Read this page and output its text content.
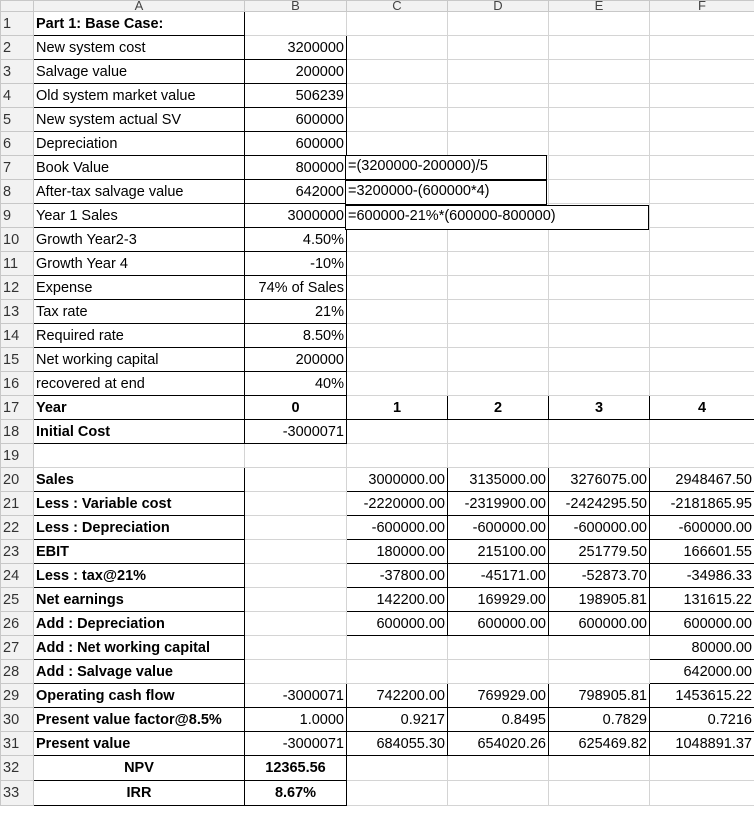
	A	B	C	D	E	F
1	Part 1: Base Case:					
2	New system cost	3200000				
3	Salvage value	200000				
4	Old system market value	506239				
5	New system actual SV	600000				
6	Depreciation	600000				
7	Book Value	800000				
8	After-tax salvage value	642000				
9	Year 1 Sales	3000000				
10	Growth Year2-3	4.50%				
11	Growth Year 4	-10%				
12	Expense	74% of Sales				
13	Tax rate	21%				
14	Required rate	8.50%				
15	Net working capital	200000				
16	recovered at end	40%				
17	Year	0	1	2	3	4
18	Initial Cost	-3000071				
19						
20	Sales		3000000.00	3135000.00	3276075.00	2948467.50
21	Less : Variable cost		-2220000.00	-2319900.00	-2424295.50	-2181865.95
22	Less : Depreciation		-600000.00	-600000.00	-600000.00	-600000.00
23	EBIT		180000.00	215100.00	251779.50	166601.55
24	Less : tax@21%		-37800.00	-45171.00	-52873.70	-34986.33
25	Net earnings		142200.00	169929.00	198905.81	131615.22
26	Add : Depreciation		600000.00	600000.00	600000.00	600000.00
27	Add : Net working capital					80000.00
28	Add : Salvage value					642000.00
29	Operating cash flow	-3000071	742200.00	769929.00	798905.81	1453615.22
30	Present value factor@8.5%	1.0000	0.9217	0.8495	0.7829	0.7216
31	Present value	-3000071	684055.30	654020.26	625469.82	1048891.37
32	NPV	12365.56				
33	IRR	8.67%				
=(3200000-200000)/5
=3200000-(600000*4)
=600000-21%*(600000-800000)
